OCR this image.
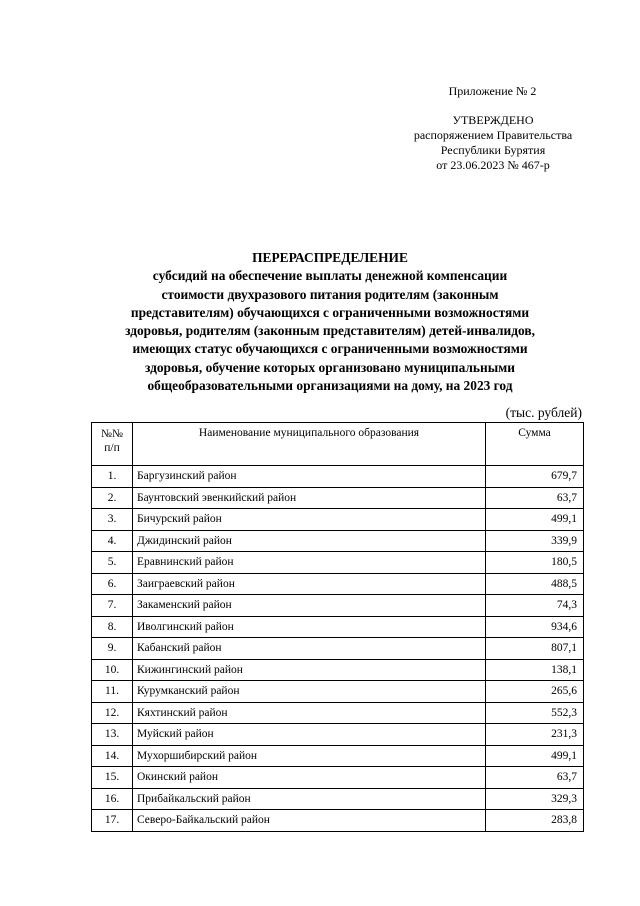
Приложение № 2
УТВЕРЖДЕНО
распоряжением Правительства
Республики Бурятия
от 23.06.2023 № 467-р
ПЕРЕРАСПРЕДЕЛЕНИЕ
субсидий на обеспечение выплаты денежной компенсации
стоимости двухразового питания родителям (законным
представителям) обучающихся с ограниченными возможностями
здоровья, родителям (законным представителям) детей-инвалидов,
имеющих статус обучающихся с ограниченными возможностями
здоровья, обучение которых организовано муниципальными
общеобразовательными организациями на дому, на 2023 год
(тыс. рублей)
№№
п/п	Наименование муниципального образования	Сумма
1.	Баргузинский район	679,7
2.	Баунтовский эвенкийский район	63,7
3.	Бичурский район	499,1
4.	Джидинский район	339,9
5.	Еравнинский район	180,5
6.	Заиграевский район	488,5
7.	Закаменский район	74,3
8.	Иволгинский район	934,6
9.	Кабанский район	807,1
10.	Кижингинский район	138,1
11.	Курумканский район	265,6
12.	Кяхтинский район	552,3
13.	Муйский район	231,3
14.	Мухоршибирский район	499,1
15.	Окинский район	63,7
16.	Прибайкальский район	329,3
17.	Северо-Байкальский район	283,8
